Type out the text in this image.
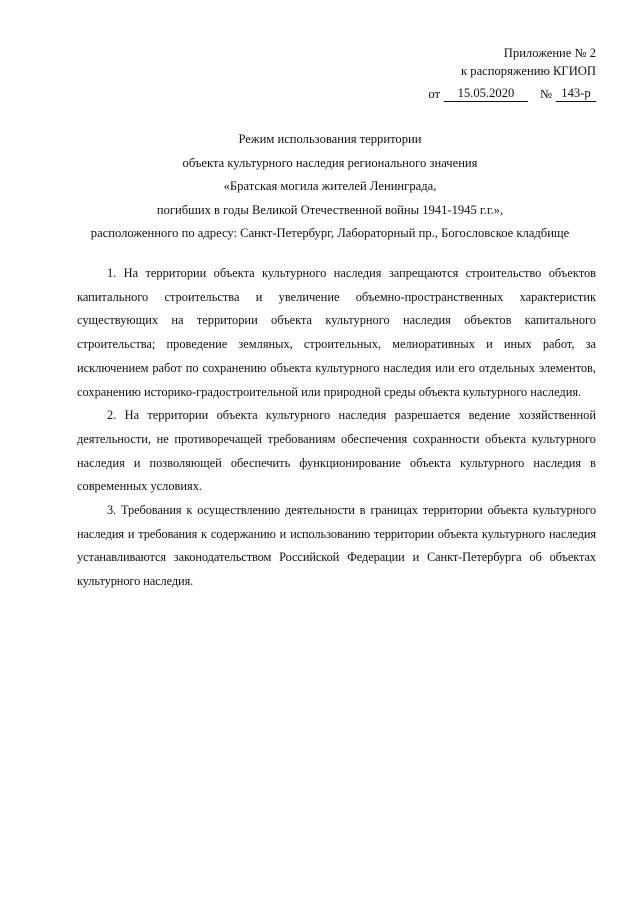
Приложение № 2
к распоряжению КГИОП
от	15.05.2020	№ 143-р
Режим использования территории
объекта культурного наследия регионального значения
«Братская могила жителей Ленинграда,
погибших в годы Великой Отечественной войны 1941-1945 г.г.»,
расположенного по адресу: Санкт-Петербург, Лабораторный пр., Богословское кладбище

1. На территории объекта культурного наследия запрещаются строительство объектов капитального строительства и увеличение объемно-пространственных характеристик существующих на территории объекта культурного наследия объектов капитального строительства; проведение земляных, строительных, мелиоративных и иных работ, за исключением работ по сохранению объекта культурного наследия или его отдельных элементов, сохранению историко-градостроительной или природной среды объекта культурного наследия.

2. На территории объекта культурного наследия разрешается ведение хозяйственной деятельности, не противоречащей требованиям обеспечения сохранности объекта культурного наследия и позволяющей обеспечить функционирование объекта культурного наследия в современных условиях.

3. Требования к осуществлению деятельности в границах территории объекта культурного наследия и требования к содержанию и использованию территории объекта культурного наследия устанавливаются законодательством Российской Федерации и Санкт-Петербурга об объектах культурного наследия.
